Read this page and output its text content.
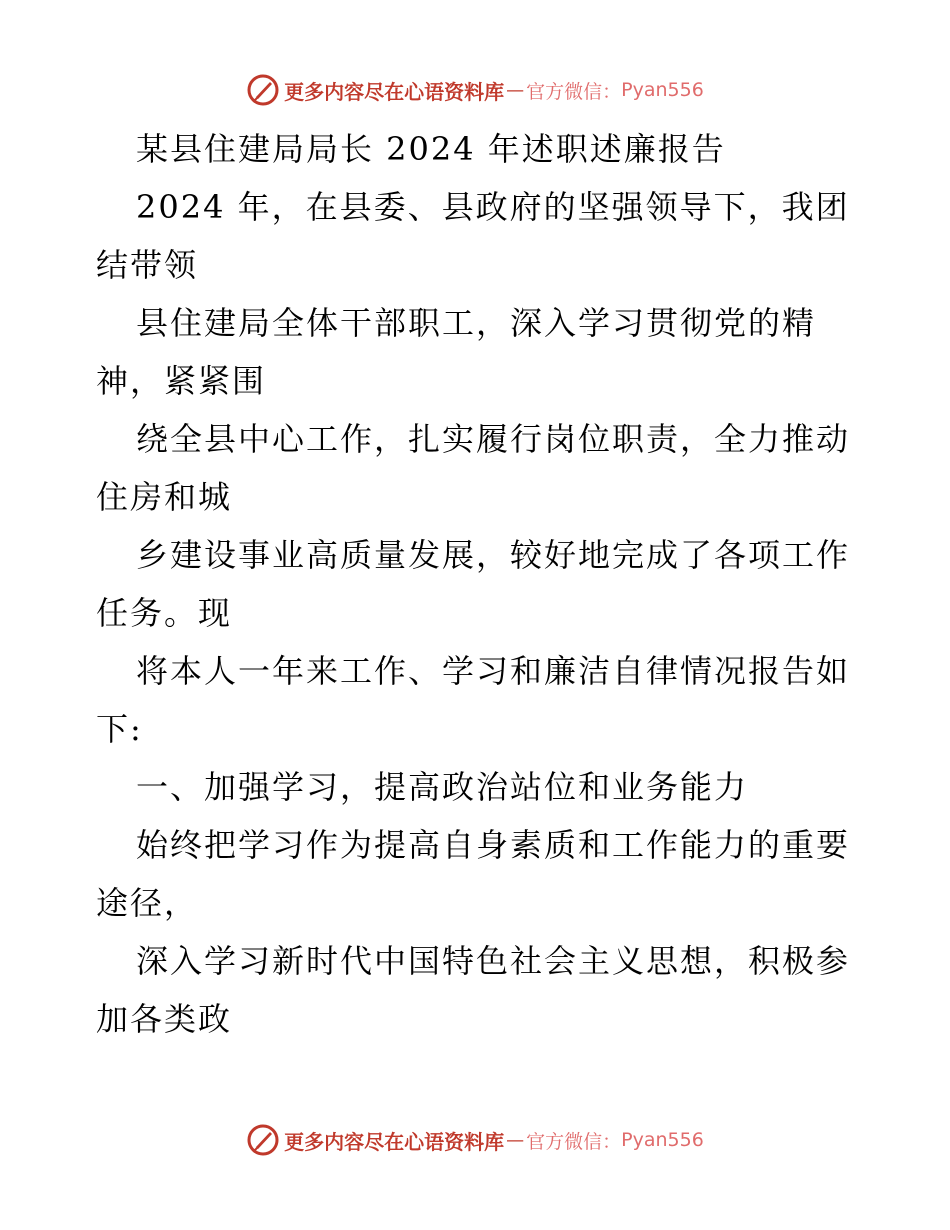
更多内容尽在心语资料库 — 官方微信： Pyan556
某县住建局局长 2024 年述职述廉报告
2024 年，在县委、县政府的坚强领导下，我团
结带领
县住建局全体干部职工，深入学习贯彻党的精
神，紧紧围
绕全县中心工作，扎实履行岗位职责，全力推动
住房和城
乡建设事业高质量发展，较好地完成了各项工作
任务。现
将本人一年来工作、学习和廉洁自律情况报告如
下:
一、加强学习，提高政治站位和业务能力
始终把学习作为提高自身素质和工作能力的重要
途径，
深入学习新时代中国特色社会主义思想，积极参
加各类政
更多内容尽在心语资料库 — 官方微信： Pyan556
